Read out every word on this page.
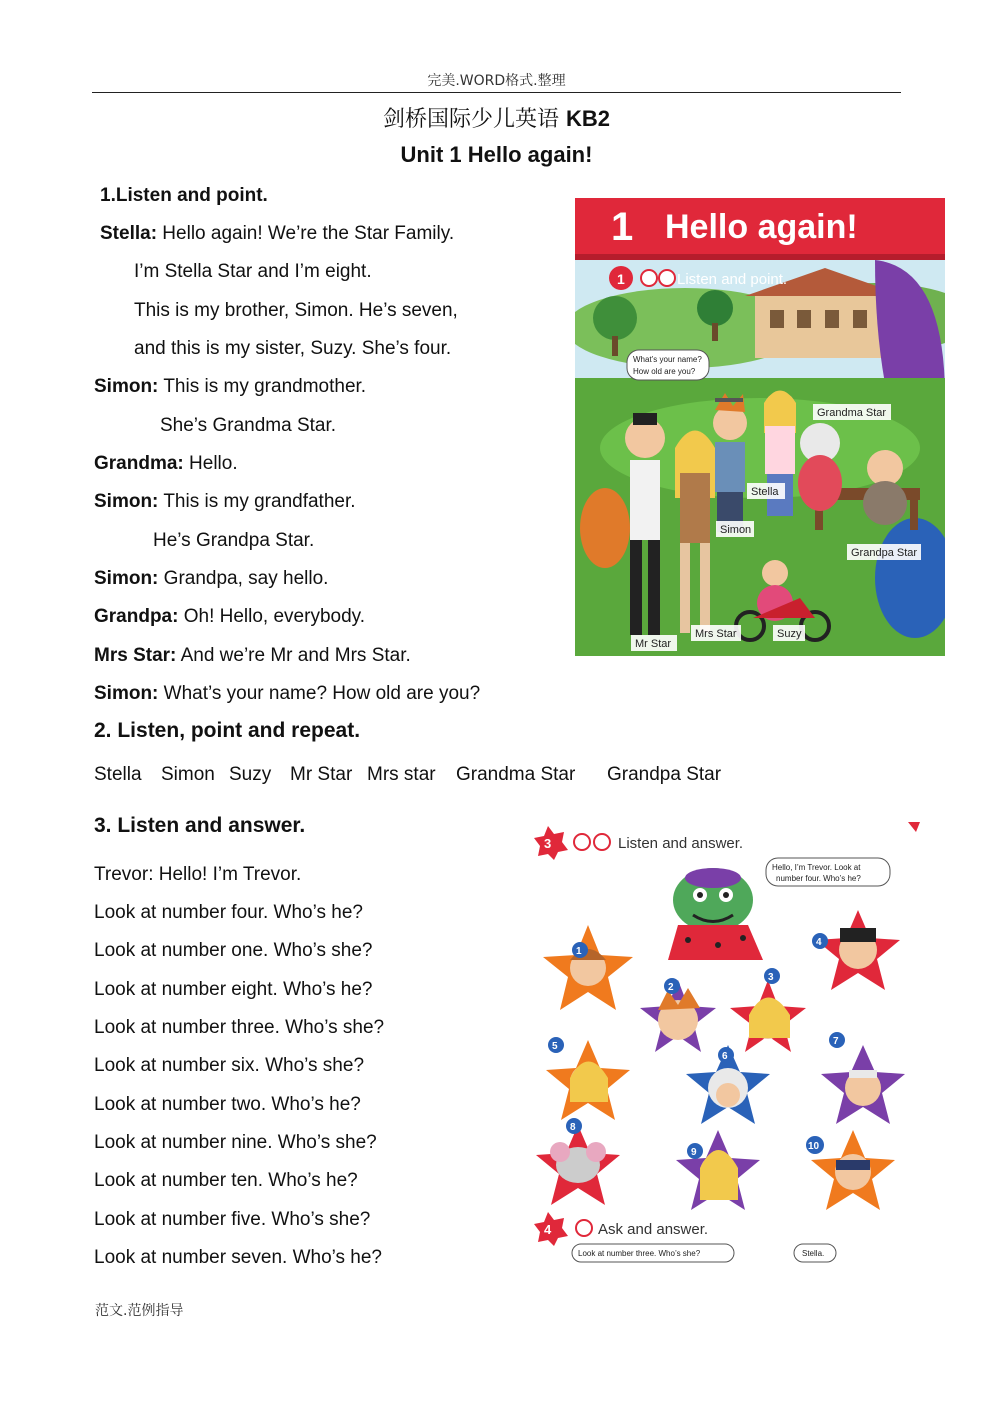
完美.WORD格式.整理
剑桥国际少儿英语 KB2
Unit 1 Hello again!
1.Listen and point.
Stella: Hello again! We’re the Star Family.
I’m Stella Star and I’m eight.
This is my brother, Simon. He’s seven,
and this is my sister, Suzy. She’s four.
Simon: This is my grandmother.
She’s Grandma Star.
Grandma: Hello.
Simon: This is my grandfather.
He’s Grandpa Star.
Simon: Grandpa, say hello.
Grandpa: Oh! Hello, everybody.
Mrs Star: And we’re Mr and Mrs Star.
Simon: What’s your name? How old are you?
1 Hello again!
1	Listen and point.
What’s your name?
How old are you?
Grandma Star
Stella
Simon
Grandpa Star
Mr Star
Mrs Star	Suzy
2. Listen, point and repeat.
Stella Simon Suzy Mr Star Mrs star Grandma Star Grandpa Star
3. Listen and answer.
Trevor: Hello! I’m Trevor.
Look at number four. Who’s he?
Look at number one. Who’s she?
Look at number eight. Who’s he?
Look at number three. Who’s she?
Look at number six. Who’s she?
Look at number two. Who’s he?
Look at number nine. Who’s she?
Look at number ten. Who’s he?
Look at number five. Who’s she?
Look at number seven. Who’s he?
3	Listen and answer.
Hello, I’m Trevor. Look at
number four. Who’s he?
1
2
3
4
5
6
7
8
9
10
4	Ask and answer.
Look at number three. Who’s she?	Stella.
范文.范例指导
